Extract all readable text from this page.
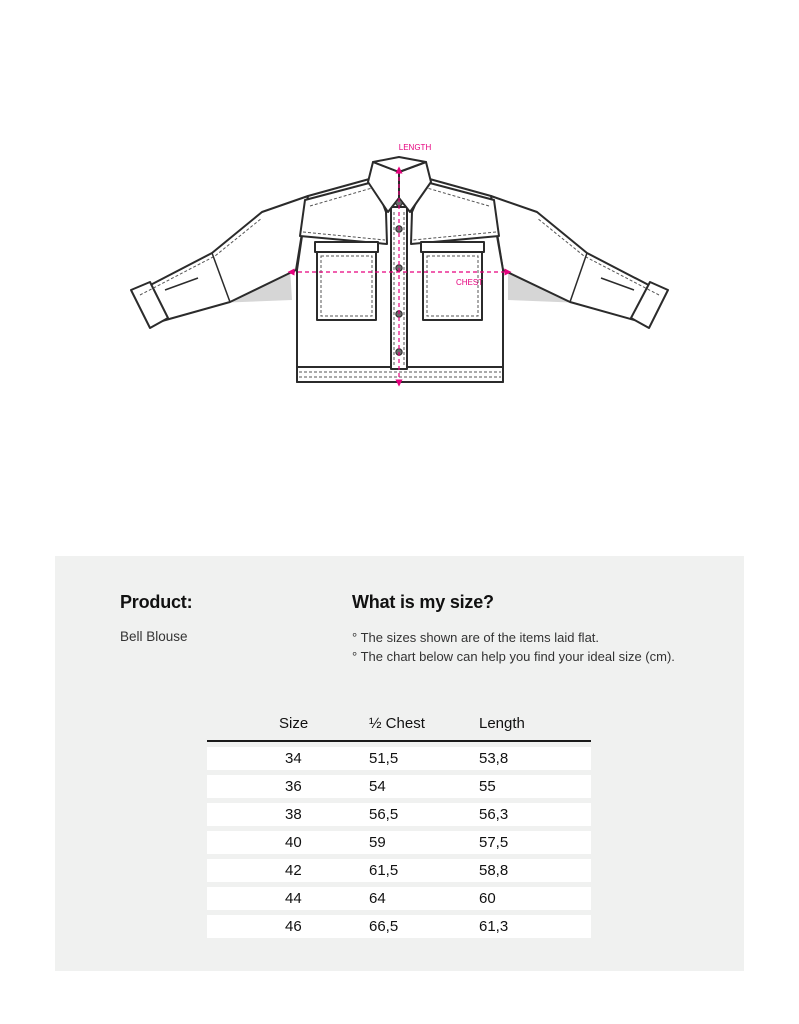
LENGTH
CHEST
Product:
Bell Blouse
What is my size?
° The sizes shown are of the items laid flat.
° The chart below can help you find your ideal size (cm).
Size	½ Chest	Length

34	51,5	53,8
36	54	55
38	56,5	56,3
40	59	57,5
42	61,5	58,8
44	64	60
46	66,5	61,3
